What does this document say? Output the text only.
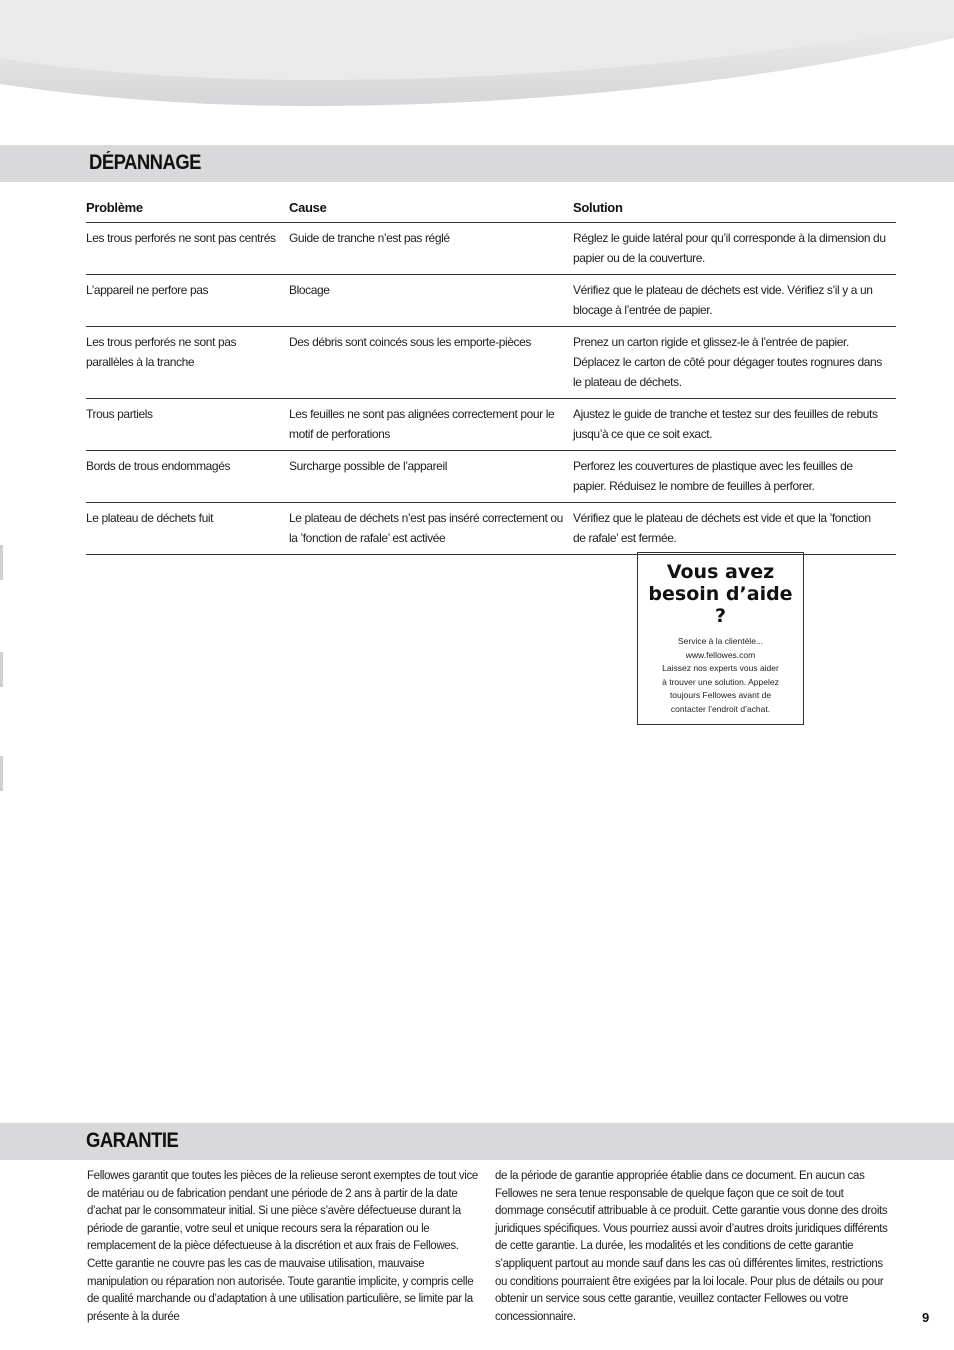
DÉPANNAGE
Problème	Cause	Solution
Les trous perforés ne sont pas centrés	Guide de tranche n’est pas réglé	Réglez le guide latéral pour qu’il corresponde à la dimension du papier ou de la couverture.
L’appareil ne perfore pas	Blocage	Vérifiez que le plateau de déchets est vide. Vérifiez s’il y a un blocage à l’entrée de papier.
Les trous perforés ne sont pas parallèles à la tranche	Des débris sont coincés sous les emporte-pièces	Prenez un carton rigide et glissez-le à l’entrée de papier. Déplacez le carton de côté pour dégager toutes rognures dans le plateau de déchets.
Trous partiels	Les feuilles ne sont pas alignées correctement pour le motif de perforations	Ajustez le guide de tranche et testez sur des feuilles de rebuts jusqu’à ce que ce soit exact.
Bords de trous endommagés	Surcharge possible de l’appareil	Perforez les couvertures de plastique avec les feuilles de papier. Réduisez le nombre de feuilles à perforer.
Le plateau de déchets fuit	Le plateau de déchets n’est pas inséré correctement ou la ’fonction de rafale’ est activée	Vérifiez que le plateau de déchets est vide et que la ’fonction de rafale’ est fermée.
Vous avez besoin d’aide ?
Service à la clientèle...
www.fellowes.com
Laissez nos experts vous aider
à trouver une solution. Appelez
toujours Fellowes avant de
contacter l’endroit d’achat.
GARANTIE
Fellowes garantit que toutes les pièces de la relieuse seront exemptes de tout vice de matériau ou de fabrication pendant une période de 2 ans à partir de la date d’achat par le consommateur initial. Si une pièce s’avère défectueuse durant la période de garantie, votre seul et unique recours sera la réparation ou le remplacement de la pièce défectueuse à la discrétion et aux frais de Fellowes. Cette garantie ne couvre pas les cas de mauvaise utilisation, mauvaise manipulation ou réparation non autorisée. Toute garantie implicite, y compris celle de qualité marchande ou d’adaptation à une utilisation particulière, se limite par la présente à la durée
de la période de garantie appropriée établie dans ce document. En aucun cas Fellowes ne sera tenue responsable de quelque façon que ce soit de tout dommage consécutif attribuable à ce produit. Cette garantie vous donne des droits juridiques spécifiques. Vous pourriez aussi avoir d’autres droits juridiques différents de cette garantie. La durée, les modalités et les conditions de cette garantie s’appliquent partout au monde sauf dans les cas où différentes limites, restrictions ou conditions pourraient être exigées par la loi locale. Pour plus de détails ou pour obtenir un service sous cette garantie, veuillez contacter Fellowes ou votre concessionnaire.	9
